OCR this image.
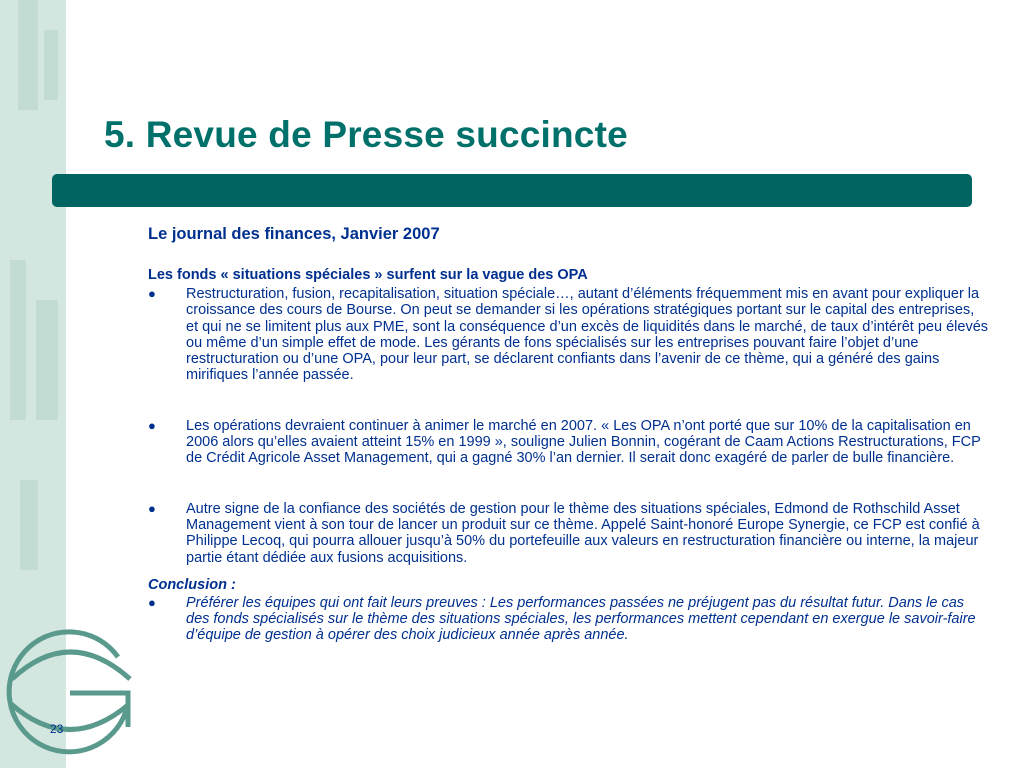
5. Revue de Presse succincte

Le journal des finances, Janvier 2007

Les fonds « situations spéciales » surfent sur la vague des OPA

● Restructuration, fusion, recapitalisation, situation spéciale…, autant d’éléments fréquemment mis en avant pour expliquer la croissance des cours de Bourse. On peut se demander si les opérations stratégiques portant sur le capital des entreprises, et qui ne se limitent plus aux PME, sont la conséquence d’un excès de liquidités dans le marché, de taux d’intérêt peu élevés ou même d’un simple effet de mode. Les gérants de fons spécialisés sur les entreprises pouvant faire l’objet d’une restructuration ou d’une OPA, pour leur part, se déclarent confiants dans l’avenir de ce thème, qui a généré des gains mirifiques l’année passée.
● Les opérations devraient continuer à animer le marché en 2007. « Les OPA n’ont porté que sur 10% de la capitalisation en 2006 alors qu’elles avaient atteint 15% en 1999 », souligne Julien Bonnin, cogérant de Caam Actions Restructurations, FCP de Crédit Agricole Asset Management, qui a gagné 30% l’an dernier. Il serait donc exagéré de parler de bulle financière.
● Autre signe de la confiance des sociétés de gestion pour le thème des situations spéciales, Edmond de Rothschild Asset Management vient à son tour de lancer un produit sur ce thème. Appelé Saint-honoré Europe Synergie, ce FCP est confié à Philippe Lecoq, qui pourra allouer jusqu’à 50% du portefeuille aux valeurs en restructuration financière ou interne, la majeur partie étant dédiée aux fusions acquisitions.

Conclusion :

● Préférer les équipes qui ont fait leurs preuves : Les performances passées ne préjugent pas du résultat futur. Dans le cas des fonds spécialisés sur le thème des situations spéciales, les performances mettent cependant en exergue le savoir-faire d’équipe de gestion à opérer des choix judicieux année après année.
23
